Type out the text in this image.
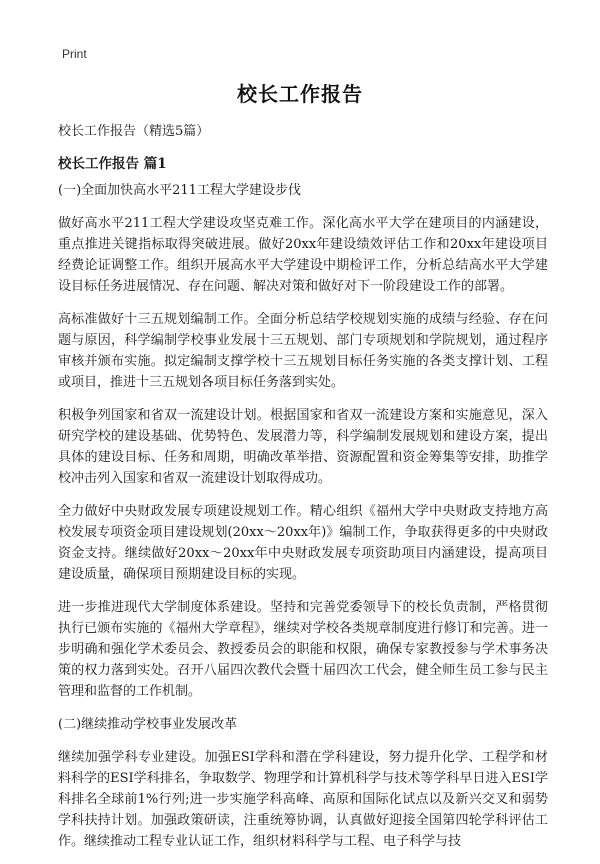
Print
校长工作报告
校长工作报告（精选5篇）
校长工作报告 篇1
(一)全面加快高水平211工程大学建设步伐

做好高水平211工程大学建设攻坚克难工作。深化高水平大学在建项目的内涵建设，重点推进关键指标取得突破进展。做好20xx年建设绩效评估工作和20xx年建设项目经费论证调整工作。组织开展高水平大学建设中期检评工作，分析总结高水平大学建设目标任务进展情况、存在问题、解决对策和做好对下一阶段建设工作的部署。

高标准做好十三五规划编制工作。全面分析总结学校规划实施的成绩与经验、存在问题与原因，科学编制学校事业发展十三五规划、部门专项规划和学院规划，通过程序审核并颁布实施。拟定编制支撑学校十三五规划目标任务实施的各类支撑计划、工程或项目，推进十三五规划各项目标任务落到实处。

积极争列国家和省双一流建设计划。根据国家和省双一流建设方案和实施意见，深入研究学校的建设基础、优势特色、发展潜力等，科学编制发展规划和建设方案，提出具体的建设目标、任务和周期，明确改革举措、资源配置和资金筹集等安排，助推学校冲击列入国家和省双一流建设计划取得成功。

全力做好中央财政发展专项建设规划工作。精心组织《福州大学中央财政支持地方高校发展专项资金项目建设规划(20xx～20xx年)》编制工作，争取获得更多的中央财政资金支持。继续做好20xx～20xx年中央财政发展专项资助项目内涵建设，提高项目建设质量，确保项目预期建设目标的实现。

进一步推进现代大学制度体系建设。坚持和完善党委领导下的校长负责制，严格贯彻执行已颁布实施的《福州大学章程》，继续对学校各类规章制度进行修订和完善。进一步明确和强化学术委员会、教授委员会的职能和权限，确保专家教授参与学术事务决策的权力落到实处。召开八届四次教代会暨十届四次工代会，健全师生员工参与民主管理和监督的工作机制。

(二)继续推动学校事业发展改革

继续加强学科专业建设。加强ESI学科和潜在学科建设，努力提升化学、工程学和材料科学的ESI学科排名，争取数学、物理学和计算机科学与技术等学科早日进入ESI学科排名全球前1%行列;进一步实施学科高峰、高原和国际化试点以及新兴交叉和弱势学科扶持计划。加强政策研读，注重统筹协调，认真做好迎接全国第四轮学科评估工作。继续推动工程专业认证工作，组织材料科学与工程、电子科学与技
